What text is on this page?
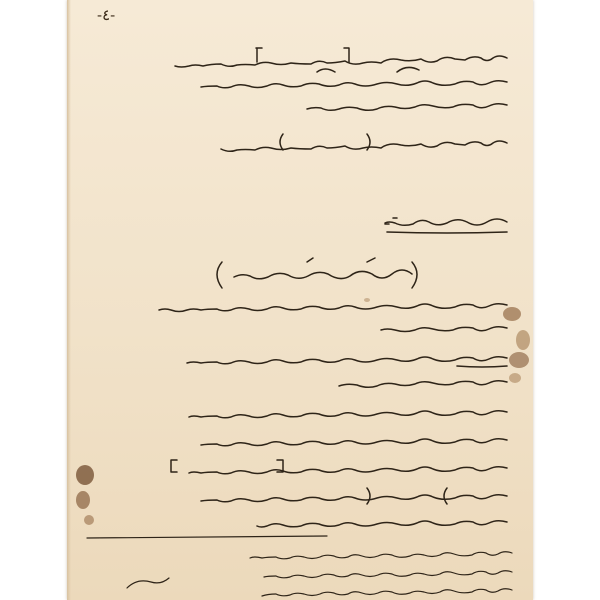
-٤-
